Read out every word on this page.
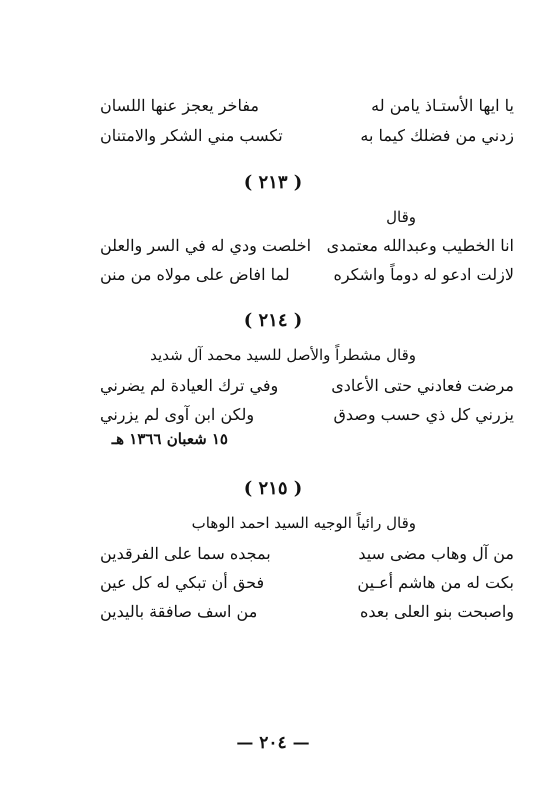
يا ايها الأستـاذ يامن له
مفاخر يعجز عنها اللسان
زدني من فضلك كيما به
تكسب مني الشكر والامتنان
( ٢١٣ )
وقال
انا الخطيب وعبدالله معتمدى
اخلصت ودي له في السر والعلن
لازلت ادعو له دوماً واشكره
لما افاض على مولاه من منن
( ٢١٤ )
وقال مشطراً والأصل للسيد محمد آل شديد
مرضت فعادني حتى الأعادى
وفي ترك العيادة لم يضرني
يزرني كل ذي حسب وصدق
ولكن ابن آوى لم يزرني
١٥ شعبان ١٣٦٦ هـ
( ٢١٥ )
وقال رائياً الوجيه السيد احمد الوهاب
من آل وهاب مضى سيد
بمجده سما على الفرقدين
بكت له من هاشم أعـين
فحق أن تبكي له كل عين
واصبحت بنو العلى بعده
من اسف صافقة باليدين
— ٢٠٤ —
